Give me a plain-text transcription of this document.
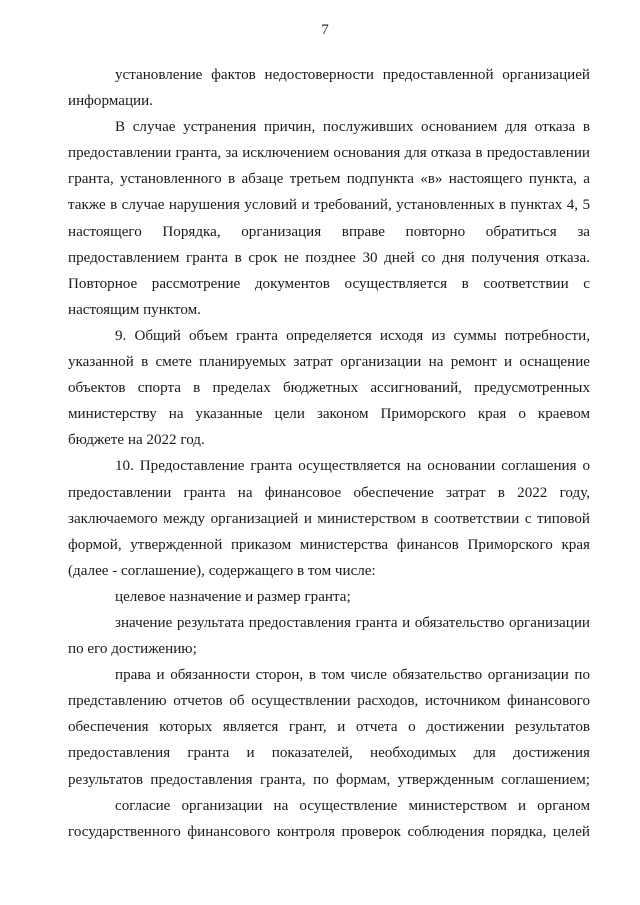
7
установление фактов недостоверности предоставленной организацией
информации.
В случае устранения причин, послуживших основанием для отказа в
предоставлении гранта, за исключением основания для отказа в предоставлении
гранта, установленного в абзаце третьем подпункта «в» настоящего пункта, а
также в случае нарушения условий и требований, установленных в пунктах 4, 5
настоящего Порядка, организация вправе повторно обратиться за
предоставлением гранта в срок не позднее 30 дней со дня получения отказа.
Повторное рассмотрение документов осуществляется в соответствии с
настоящим пунктом.
9. Общий объем гранта определяется исходя из суммы потребности,
указанной в смете планируемых затрат организации на ремонт и оснащение
объектов спорта в пределах бюджетных ассигнований, предусмотренных
министерству на указанные цели законом Приморского края о краевом
бюджете на 2022 год.
10. Предоставление гранта осуществляется на основании соглашения о
предоставлении гранта на финансовое обеспечение затрат в 2022 году,
заключаемого между организацией и министерством в соответствии с типовой
формой, утвержденной приказом министерства финансов Приморского края
(далее - соглашение), содержащего в том числе:
целевое назначение и размер гранта;
значение результата предоставления гранта и обязательство организации
по его достижению;
права и обязанности сторон, в том числе обязательство организации по
представлению отчетов об осуществлении расходов, источником финансового
обеспечения которых является грант, и отчета о достижении результатов
предоставления гранта и показателей, необходимых для достижения
результатов предоставления гранта, по формам, утвержденным соглашением;
согласие организации на осуществление министерством и органом
государственного финансового контроля проверок соблюдения порядка, целей
